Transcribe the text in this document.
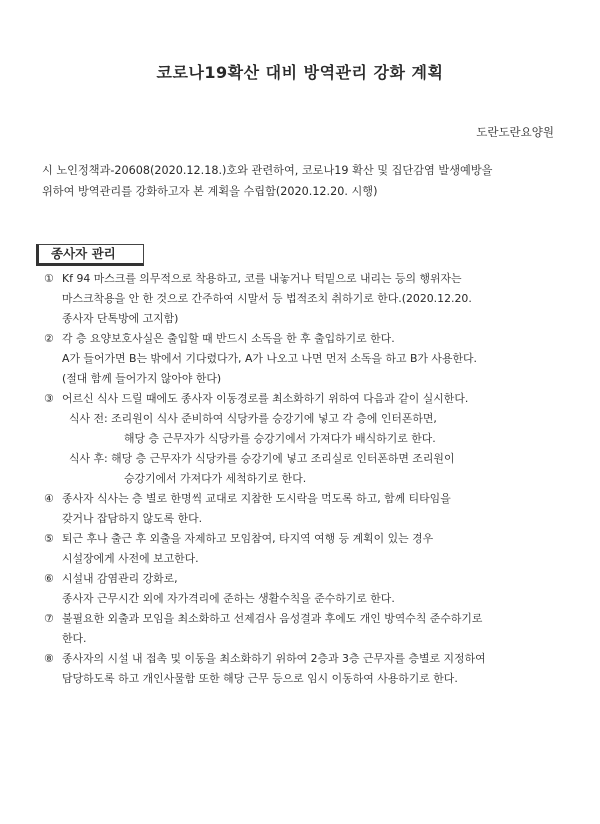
코로나19확산 대비 방역관리 강화 계획
도란도란요양원
시 노인정책과-20608(2020.12.18.)호와 관련하여, 코로나19 확산 및 집단감염 발생예방을
위하여 방역관리를 강화하고자 본 계획을 수립함(2020.12.20. 시행)
종사자 관리
① Kf 94 마스크를 의무적으로 착용하고, 코를 내놓거나 턱밑으로 내리는 등의 행위자는
마스크착용을 안 한 것으로 간주하여 시말서 등 법적조치 취하기로 한다.(2020.12.20.
종사자 단톡방에 고지함)
② 각 층 요양보호사실은 출입할 때 반드시 소독을 한 후 출입하기로 한다.
A가 들어가면 B는 밖에서 기다렸다가, A가 나오고 나면 먼저 소독을 하고 B가 사용한다.
(절대 함께 들어가지 않아야 한다)
③ 어르신 식사 드릴 때에도 종사자 이동경로를 최소화하기 위하여 다음과 같이 실시한다.
식사 전: 조리원이 식사 준비하여 식당카를 승강기에 넣고 각 층에 인터폰하면,
해당 층 근무자가 식당카를 승강기에서 가져다가 배식하기로 한다.
식사 후: 해당 층 근무자가 식당카를 승강기에 넣고 조리실로 인터폰하면 조리원이
승강기에서 가져다가 세척하기로 한다.
④ 종사자 식사는 층 별로 한명씩 교대로 지참한 도시락을 먹도록 하고, 함께 티타임을
갖거나 잡담하지 않도록 한다.
⑤ 퇴근 후나 출근 후 외출을 자제하고 모임참여, 타지역 여행 등 계획이 있는 경우
시설장에게 사전에 보고한다.
⑥ 시설내 감염관리 강화로,
종사자 근무시간 외에 자가격리에 준하는 생활수칙을 준수하기로 한다.
⑦ 불필요한 외출과 모임을 최소화하고 선제검사 음성결과 후에도 개인 방역수칙 준수하기로
한다.
⑧ 종사자의 시설 내 접촉 및 이동을 최소화하기 위하여 2층과 3층 근무자를 층별로 지정하여
담당하도록 하고 개인사물함 또한 해당 근무 등으로 임시 이동하여 사용하기로 한다.
